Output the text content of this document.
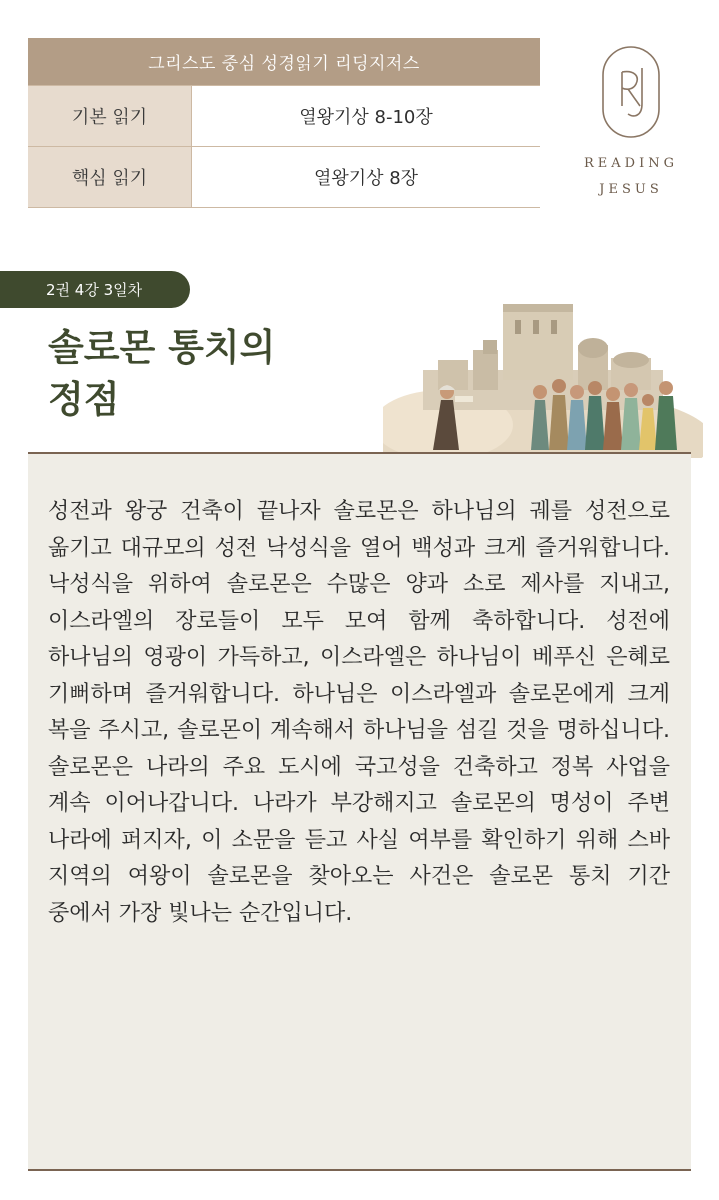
그리스도 중심 성경읽기 리딩지저스
기본 읽기	열왕기상 8-10장
핵심 읽기	열왕기상 8장
READING
JESUS
2권 4강 3일차
솔로몬 통치의
정점

성전과 왕궁 건축이 끝나자 솔로몬은 하나님의 궤를 성전으로 옮기고 대규모의 성전 낙성식을 열어 백성과 크게 즐거워합니다. 낙성식을 위하여 솔로몬은 수많은 양과 소로 제사를 지내고, 이스라엘의 장로들이 모두 모여 함께 축하합니다. 성전에 하나님의 영광이 가득하고, 이스라엘은 하나님이 베푸신 은혜로 기뻐하며 즐거워합니다. 하나님은 이스라엘과 솔로몬에게 크게 복을 주시고, 솔로몬이 계속해서 하나님을 섬길 것을 명하십니다. 솔로몬은 나라의 주요 도시에 국고성을 건축하고 정복 사업을 계속 이어나갑니다. 나라가 부강해지고 솔로몬의 명성이 주변 나라에 퍼지자, 이 소문을 듣고 사실 여부를 확인하기 위해 스바 지역의 여왕이 솔로몬을 찾아오는 사건은 솔로몬 통치 기간 중에서 가장 빛나는 순간입니다.
